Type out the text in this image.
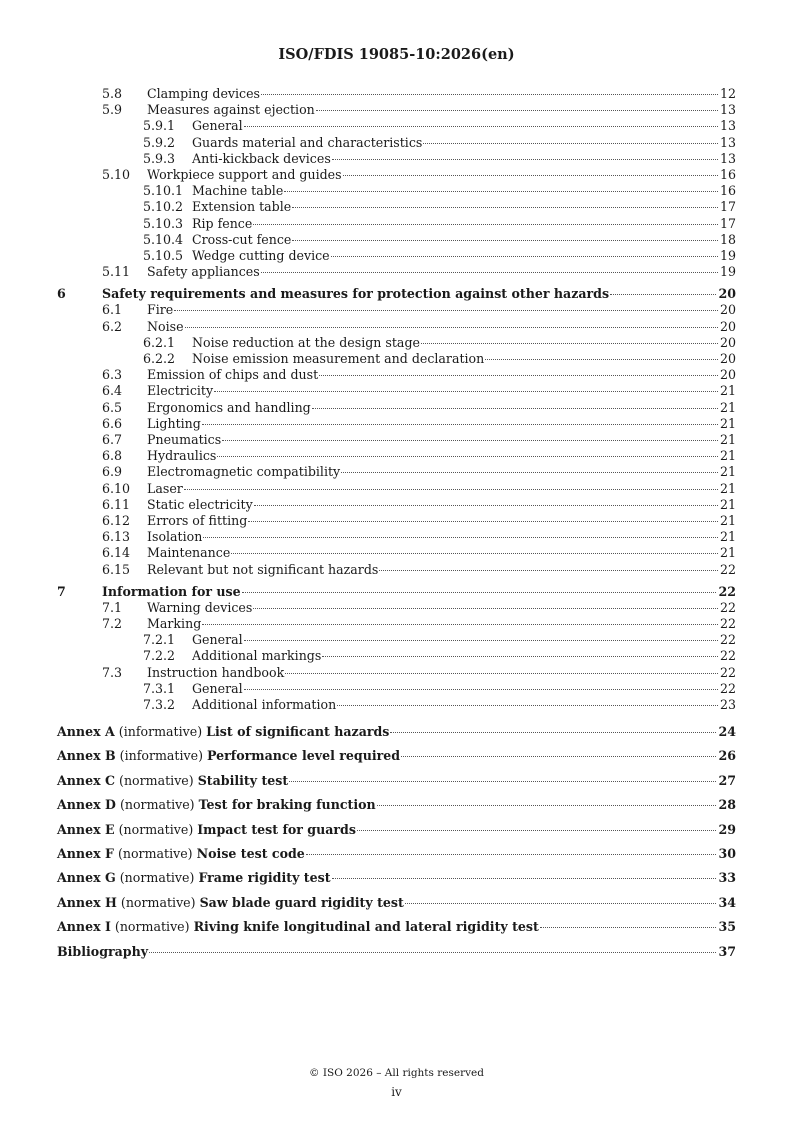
ISO/FDIS 19085-10:2026(en)
5.8 Clamping devices	12
5.9 Measures against ejection	13
5.9.1 General	13
5.9.2 Guards material and characteristics	13
5.9.3 Anti-kickback devices	13
5.10 Workpiece support and guides	16
5.10.1 Machine table	16
5.10.2 Extension table	17
5.10.3 Rip fence	17
5.10.4 Cross-cut fence	18
5.10.5 Wedge cutting device	19
5.11 Safety appliances	19
6	Safety requirements and measures for protection against other hazards	20
6.1 Fire	20
6.2 Noise	20
6.2.1 Noise reduction at the design stage	20
6.2.2 Noise emission measurement and declaration	20
6.3 Emission of chips and dust	20
6.4 Electricity	21
6.5 Ergonomics and handling	21
6.6 Lighting	21
6.7 Pneumatics	21
6.8 Hydraulics	21
6.9 Electromagnetic compatibility	21
6.10 Laser	21
6.11 Static electricity	21
6.12 Errors of fitting	21
6.13 Isolation	21
6.14 Maintenance	21
6.15 Relevant but not significant hazards	22
7	Information for use	22
7.1 Warning devices	22
7.2 Marking	22
7.2.1 General	22
7.2.2 Additional markings	22
7.3 Instruction handbook	22
7.3.1 General	22
7.3.2 Additional information	23
Annex A (informative) List of significant hazards	24
Annex B (informative) Performance level required	26
Annex C (normative) Stability test	27
Annex D (normative) Test for braking function	28
Annex E (normative) Impact test for guards	29
Annex F (normative) Noise test code	30
Annex G (normative) Frame rigidity test	33
Annex H (normative) Saw blade guard rigidity test	34
Annex I (normative) Riving knife longitudinal and lateral rigidity test	35
Bibliography	37
© ISO 2026 – All rights reserved
iv
